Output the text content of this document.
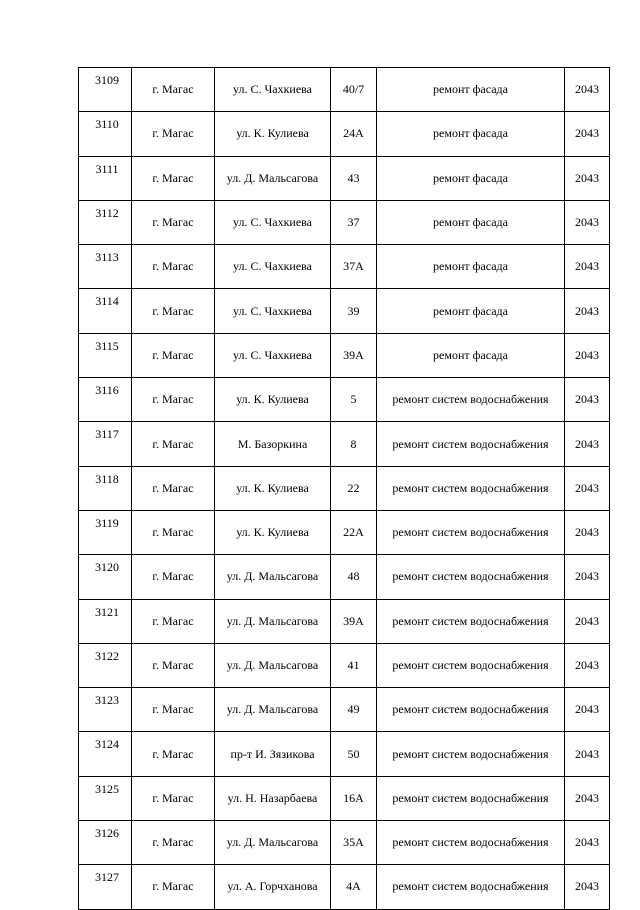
3109	г. Магас	ул. С. Чахкиева	40/7	ремонт фасада	2043
3110	г. Магас	ул. К. Кулиева	24А	ремонт фасада	2043
3111	г. Магас	ул. Д. Мальсагова	43	ремонт фасада	2043
3112	г. Магас	ул. С. Чахкиева	37	ремонт фасада	2043
3113	г. Магас	ул. С. Чахкиева	37А	ремонт фасада	2043
3114	г. Магас	ул. С. Чахкиева	39	ремонт фасада	2043
3115	г. Магас	ул. С. Чахкиева	39А	ремонт фасада	2043
3116	г. Магас	ул. К. Кулиева	5	ремонт систем водоснабжения	2043
3117	г. Магас	М. Базоркина	8	ремонт систем водоснабжения	2043
3118	г. Магас	ул. К. Кулиева	22	ремонт систем водоснабжения	2043
3119	г. Магас	ул. К. Кулиева	22А	ремонт систем водоснабжения	2043
3120	г. Магас	ул. Д. Мальсагова	48	ремонт систем водоснабжения	2043
3121	г. Магас	ул. Д. Мальсагова	39А	ремонт систем водоснабжения	2043
3122	г. Магас	ул. Д. Мальсагова	41	ремонт систем водоснабжения	2043
3123	г. Магас	ул. Д. Мальсагова	49	ремонт систем водоснабжения	2043
3124	г. Магас	пр-т И. Зязикова	50	ремонт систем водоснабжения	2043
3125	г. Магас	ул. Н. Назарбаева	16А	ремонт систем водоснабжения	2043
3126	г. Магас	ул. Д. Мальсагова	35А	ремонт систем водоснабжения	2043
3127	г. Магас	ул. А. Горчханова	4А	ремонт систем водоснабжения	2043
